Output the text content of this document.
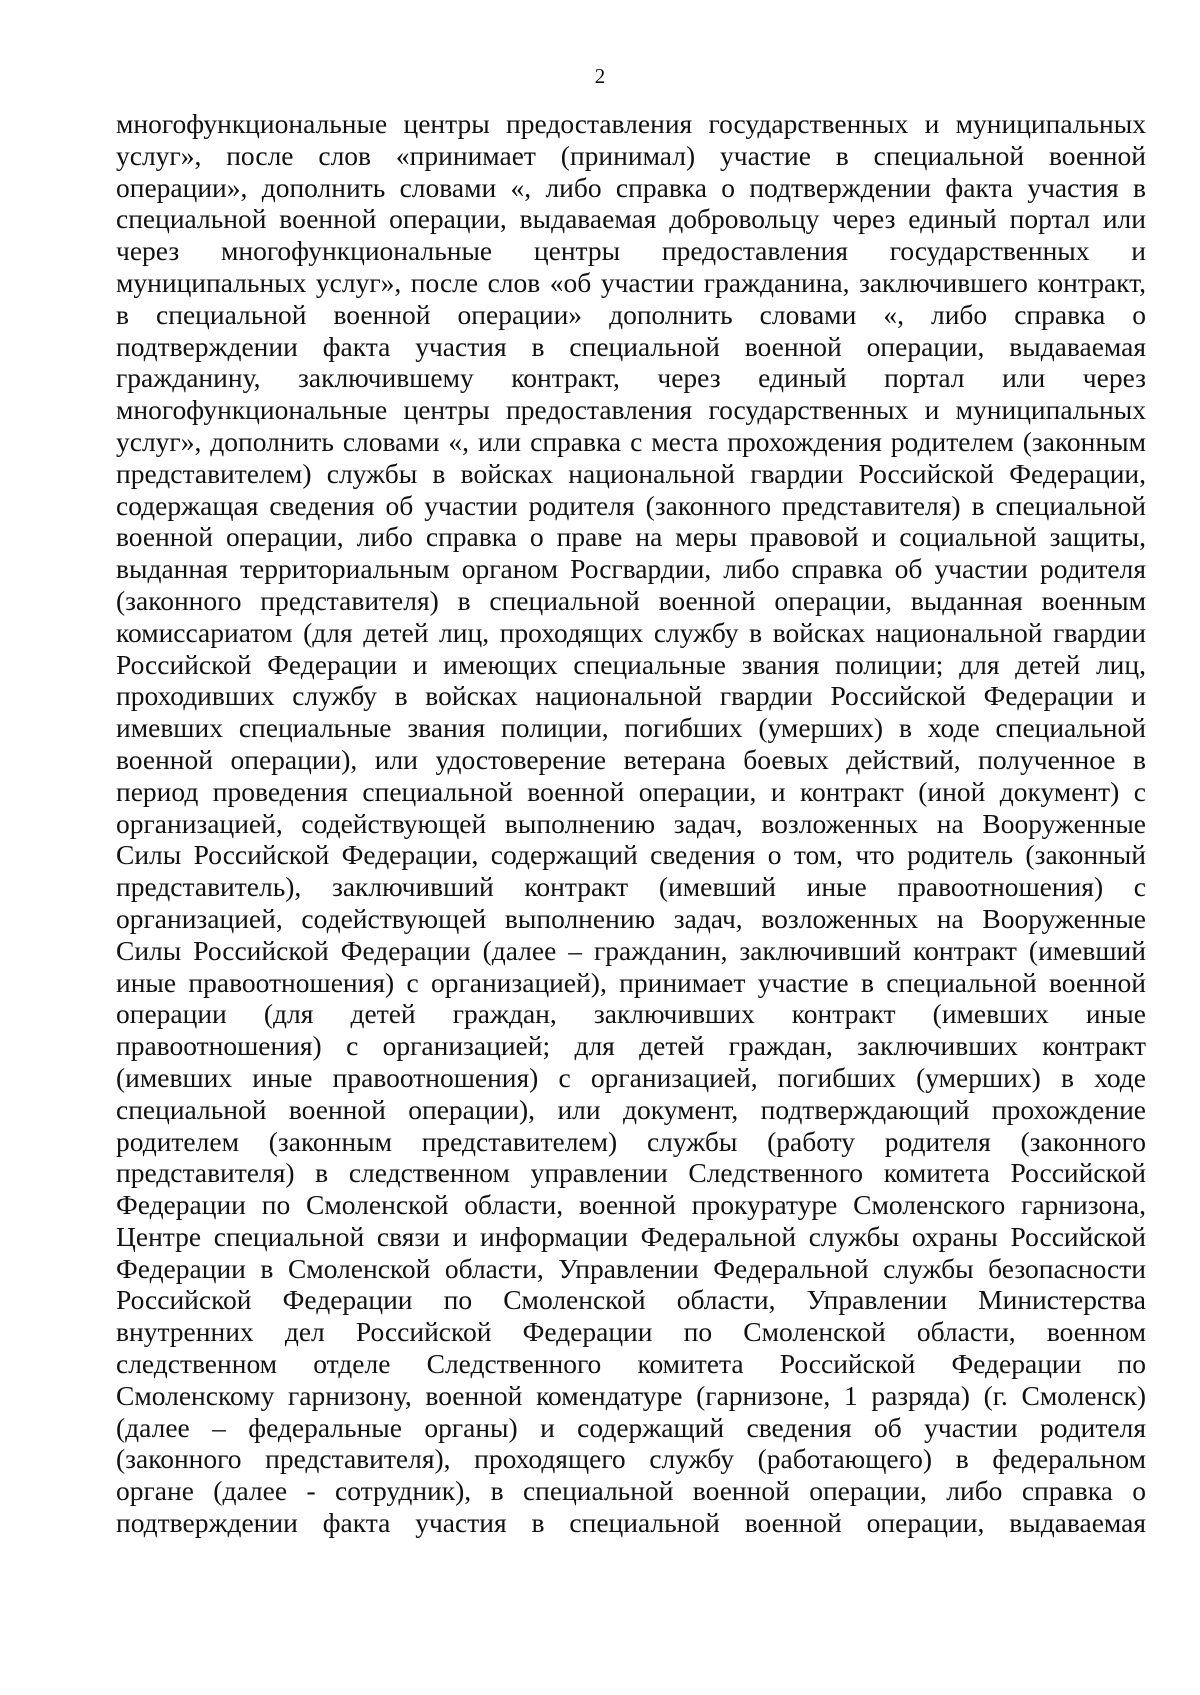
2
многофункциональные центры предоставления государственных и муниципальных
услуг», после слов «принимает (принимал) участие в специальной военной
операции», дополнить словами «, либо справка о подтверждении факта участия в
специальной военной операции, выдаваемая добровольцу через единый портал или
через многофункциональные центры предоставления государственных и
муниципальных услуг», после слов «об участии гражданина, заключившего контракт,
в специальной военной операции» дополнить словами «, либо справка о
подтверждении факта участия в специальной военной операции, выдаваемая
гражданину, заключившему контракт, через единый портал или через
многофункциональные центры предоставления государственных и муниципальных
услуг», дополнить словами «, или справка с места прохождения родителем (законным
представителем) службы в войсках национальной гвардии Российской Федерации,
содержащая сведения об участии родителя (законного представителя) в специальной
военной операции, либо справка о праве на меры правовой и социальной защиты,
выданная территориальным органом Росгвардии, либо справка об участии родителя
(законного представителя) в специальной военной операции, выданная военным
комиссариатом (для детей лиц, проходящих службу в войсках национальной гвардии
Российской Федерации и имеющих специальные звания полиции; для детей лиц,
проходивших службу в войсках национальной гвардии Российской Федерации и
имевших специальные звания полиции, погибших (умерших) в ходе специальной
военной операции), или удостоверение ветерана боевых действий, полученное в
период проведения специальной военной операции, и контракт (иной документ) с
организацией, содействующей выполнению задач, возложенных на Вооруженные
Силы Российской Федерации, содержащий сведения о том, что родитель (законный
представитель), заключивший контракт (имевший иные правоотношения) с
организацией, содействующей выполнению задач, возложенных на Вооруженные
Силы Российской Федерации (далее – гражданин, заключивший контракт (имевший
иные правоотношения) с организацией), принимает участие в специальной военной
операции (для детей граждан, заключивших контракт (имевших иные
правоотношения) с организацией; для детей граждан, заключивших контракт
(имевших иные правоотношения) с организацией, погибших (умерших) в ходе
специальной военной операции), или документ, подтверждающий прохождение
родителем (законным представителем) службы (работу родителя (законного
представителя) в следственном управлении Следственного комитета Российской
Федерации по Смоленской области, военной прокуратуре Смоленского гарнизона,
Центре специальной связи и информации Федеральной службы охраны Российской
Федерации в Смоленской области, Управлении Федеральной службы безопасности
Российской Федерации по Смоленской области, Управлении Министерства
внутренних дел Российской Федерации по Смоленской области, военном
следственном отделе Следственного комитета Российской Федерации по
Смоленскому гарнизону, военной комендатуре (гарнизоне, 1 разряда) (г. Смоленск)
(далее – федеральные органы) и содержащий сведения об участии родителя
(законного представителя), проходящего службу (работающего) в федеральном
органе (далее - сотрудник), в специальной военной операции, либо справка о
подтверждении факта участия в специальной военной операции, выдаваемая
